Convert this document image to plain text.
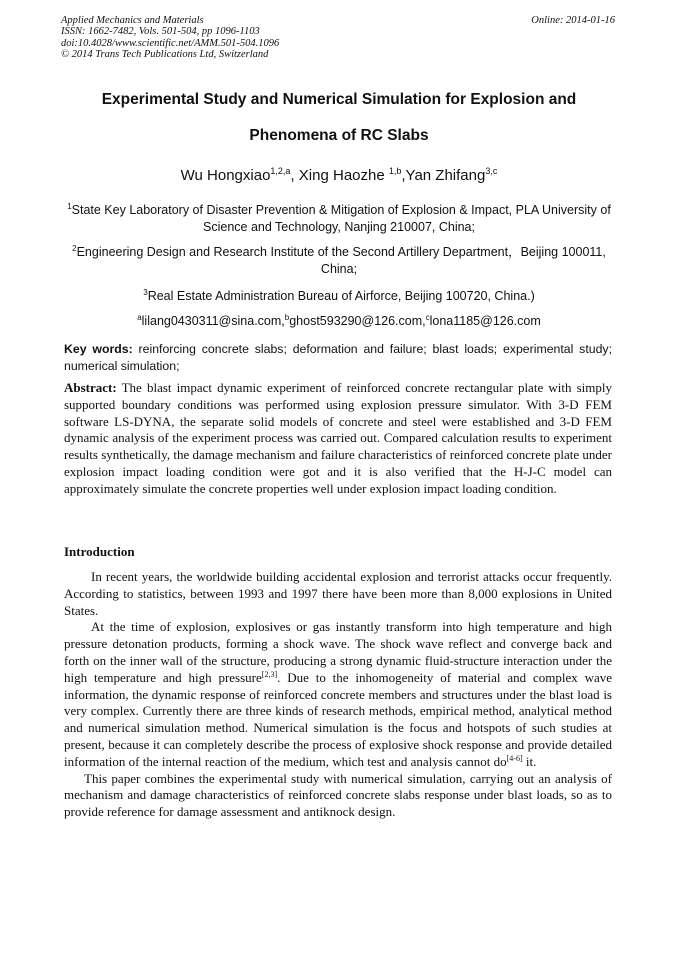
Applied Mechanics and Materials
ISSN: 1662-7482, Vols. 501-504, pp 1096-1103
doi:10.4028/www.scientific.net/AMM.501-504.1096
© 2014 Trans Tech Publications Ltd, Switzerland
Online: 2014-01-16
Experimental Study and Numerical Simulation for Explosion and
Phenomena of RC Slabs
Wu Hongxiao$^{1,2,a}$, Xing Haozhe $^{1,b}$,Yan Zhifang$^{3,c}$
$^1$State Key Laboratory of Disaster Prevention & Mitigation of Explosion & Impact, PLA University of Science and Technology, Nanjing 210007, China;
$^2$Engineering Design and Research Institute of the Second Artillery Department，Beijing 100011, China;
$^3$Real Estate Administration Bureau of Airforce, Beijing 100720, China.)
$^a$lilang0430311@sina.com,$^b$ghost593290@126.com,$^c$lona1185@126.com
Key words: reinforcing concrete slabs; deformation and failure; blast loads; experimental study; numerical simulation;
Abstract: The blast impact dynamic experiment of reinforced concrete rectangular plate with simply supported boundary conditions was performed using explosion pressure simulator. With 3-D FEM software LS-DYNA, the separate solid models of concrete and steel were established and 3-D FEM dynamic analysis of the experiment process was carried out. Compared calculation results to experiment results synthetically, the damage mechanism and failure characteristics of reinforced concrete plate under explosion impact loading condition were got and it is also verified that the H-J-C model can approximately simulate the concrete properties well under explosion impact loading condition.
Introduction

In recent years, the worldwide building accidental explosion and terrorist attacks occur frequently. According to statistics, between 1993 and 1997 there have been more than 8,000 explosions in United States.

At the time of explosion, explosives or gas instantly transform into high temperature and high pressure detonation products, forming a shock wave. The shock wave reflect and converge back and forth on the inner wall of the structure, producing a strong dynamic fluid-structure interaction under the high temperature and high pressure[2,3]. Due to the inhomogeneity of material and complex wave information, the dynamic response of reinforced concrete members and structures under the blast load is very complex. Currently there are three kinds of research methods, empirical method, analytical method and numerical simulation method. Numerical simulation is the focus and hotspots of such studies at present, because it can completely describe the process of explosive shock response and provide detailed information of the internal reaction of the medium, which test and analysis cannot do[4-6] it.

This paper combines the experimental study with numerical simulation, carrying out an analysis of mechanism and damage characteristics of reinforced concrete slabs response under blast loads, so as to provide reference for damage assessment and antiknock design.
